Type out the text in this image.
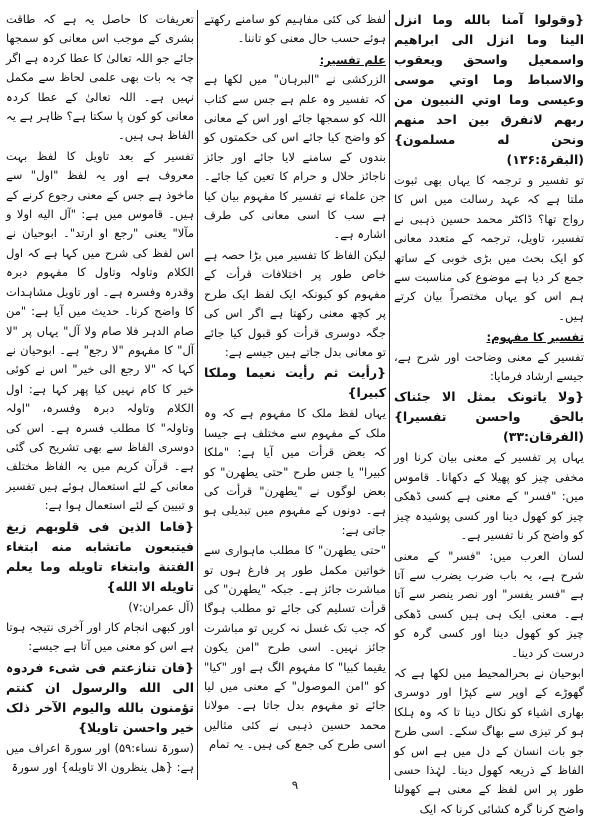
{وقولوا آمنا بالله وما انزل الينا وما انزل الى ابراهيم واسمعيل واسحق ويعقوب والاسباط وما اوتي موسى وعيسى وما اوتي النبيون من ربهم لانفرق بين احد منهم ونحن له مسلمون} (البقرۃ:۱۳۶)

تو تفسیر و ترجمہ کا یہاں بھی ثبوت ملتا ہے کہ عہد رسالت میں اس کا رواج تھا؟ ڈاکٹر محمد حسین ذہبی نے تفسیر، تاویل، ترجمہ کے متعدد معانی کو ایک بحث میں بڑی خوبی کے ساتھ جمع کر دیا ہے موضوع کی مناسبت سے ہم اس کو یہاں مختصراً بیان کرتے ہیں۔

تفسیر کا مفہوم:

تفسیر کے معنی وضاحت اور شرح ہے، جیسے ارشاد فرمایا:

{ولا یاتونک بمثل الا جئناک بالحق واحسن تفسیرا} (الفرقان:۳۳)

یہاں پر تفسیر کے معنی بیان کرنا اور مخفی چیز کو پھیلا کے دکھانا۔ قاموس میں: "فسر" کے معنی ہے کسی ڈھکی چیز کو کھول دینا اور کسی پوشیدہ چیز کو واضح کر نا تفسیر ہے۔

لسان العرب میں: "فسر" کے معنی شرح ہے، یہ باب ضرب یضرب سے آتا ہے "فسر یفسر" اور نصر ینصر سے آتا ہے۔ معنی ایک ہی ہیں کسی ڈھکی چیز کو کھول دینا اور کسی گرہ کو درست کر دینا۔

ابوحیان نے بحرالمحیط میں لکھا ہے کہ گھوڑے کے اوپر سے کپڑا اور دوسری بھاری اشیاء کو نکال دینا تا کہ وہ ہلکا ہو کر تیزی سے بھاگ سکے۔ اسی طرح جو بات انسان کے دل میں ہے اس کو الفاظ کے ذریعہ کھول دینا۔ لہٰذا حسی طور پر اس لفظ کے معنی ہے کھولنا واضح کرنا گرہ کشائی کرنا کہ ایک

لفظ کی کئی مفاہیم کو سامنے رکھتے ہوئے حسب حال معنی کو تاننا۔

علم تفسیر:

الزرکشی نے "البرہان" میں لکھا ہے کہ تفسیر وہ علم ہے جس سے کتاب اللہ کو سمجھا جائے اور اس کے معانی کو واضح کیا جائے اس کی حکمتوں کو بندوں کے سامنے لایا جائے اور جائز ناجائز حلال و حرام کا تعین کیا جائے۔ جن علماء نے تفسیر کا مفہوم بیان کیا ہے سب کا اسی معانی کی طرف اشارہ ہے۔

لیکن الفاظ کا تفسیر میں بڑا حصہ ہے خاص طور پر اختلافات قرأت کے مفہوم کو کیونکہ ایک لفظ ایک طرح پر کچھ معنی رکھتا ہے اگر اس کی جگہ دوسری قرأت کو قبول کیا جائے تو معانی بدل جاتے ہیں جیسے ہے:

{رأیت ثم رأیت نعیما وملکا کبیرا}

یہاں لفظ ملک کا مفہوم ہے کہ وہ ملک کے مفہوم سے مختلف ہے جیسا کہ بعض قرأت میں آیا ہے: "ملکا کبیرا" یا جس طرح "حتی یطهرن" کو بعض لوگوں نے "یطھرن" قرأت کی ہے۔ دونوں کے مفہوم میں تبدیلی ہو جاتی ہے:

"حتی یطهرن" کا مطلب ماہواری سے خواتین مکمل طور پر فارغ ہوں تو مباشرت جائز ہے۔ جبکہ "یطھرن" کی قرأت تسلیم کی جائے تو مطلب ہوگا کہ جب تک غسل نہ کریں تو مباشرت جائز نہیں۔ اسی طرح "امن یکون یقیما کبیا" کا مفہوم الگ ہے اور "کیا" کو "امن الموصول" کے معنی میں لیا جائے تو مفہوم بدل جاتا ہے۔ مولانا محمد حسین ذہبی نے کئی مثالیں اسی طرح کی جمع کی ہیں۔ یہ تمام

تعریفات کا حاصل یہ ہے کہ طاقت بشری کے موجب اس معانی کو سمجھا جائے جو اللہ تعالیٰ کا عطا کردہ ہے اگر چہ یہ بات بھی علمی لحاظ سے مکمل نہیں ہے۔ اللہ تعالیٰ کے عطا کردہ معانی کو کون پا سکتا ہے؟ ظاہر ہے یہ الفاظ ہی ہیں۔

تفسیر کے بعد تاویل کا لفظ بہت معروف ہے اور یہ لفظ "اول" سے ماخوذ ہے جس کے معنی رجوع کرنے کے ہیں۔ قاموس میں ہے: "آل الیه اولا و مآلا" یعنی "رجع او ارتد"۔ ابوحیان نے اس لفظ کی شرح میں کہا ہے کہ اول الکلام وتاولہ وتاول کا مفہوم دبرہ وقدرہ وفسرہ ہے۔ اور تاویل مشاہدات کا واضح کرنا۔ حدیث میں آیا ہے: "من صام الدہر فلا صام ولا آل" یہاں پر "لا آل" کا مفہوم "لا رجع" ہے۔ ابوحیان نے کہا کہ "لا رجع الی خیر" اس نے کوئی خیر کا کام نہیں کیا پھر کہا ہے: اول الکلام وتاولہ دبرہ وفسرہ، "اولہ وتاولہ" کا مطلب فسرہ ہے۔ اس کی دوسری الفاظ سے بھی تشریح کی گئی ہے۔ قرآن کریم میں یہ الفاظ مختلف معانی کے لئے استعمال ہوئے ہیں تفسیر و تبیین کے لئے استعمال ہوا ہے:

{فاما الذین فی قلوبهم زیغ فیتبعون ماتشابه منه ابتغاء الفتنة وابتغاء تاویله وما یعلم تاویله الا الله}

(آل عمران:۷)

اور کبھی انجام کار اور آخری نتیجہ ہوتا ہے اس کو معنی میں آتا ہے جیسے:

{فان تنازعتم فی شیء فردوہ الی الله والرسول ان کنتم تؤمنون بالله والیوم الآخر ذلک خیر واحسن تاویلا}

(سورۃ نساء:۵۹) اور سورۃ اعراف میں ہے: {هل ینظرون الا تاویله} اور سورۃ

۹
